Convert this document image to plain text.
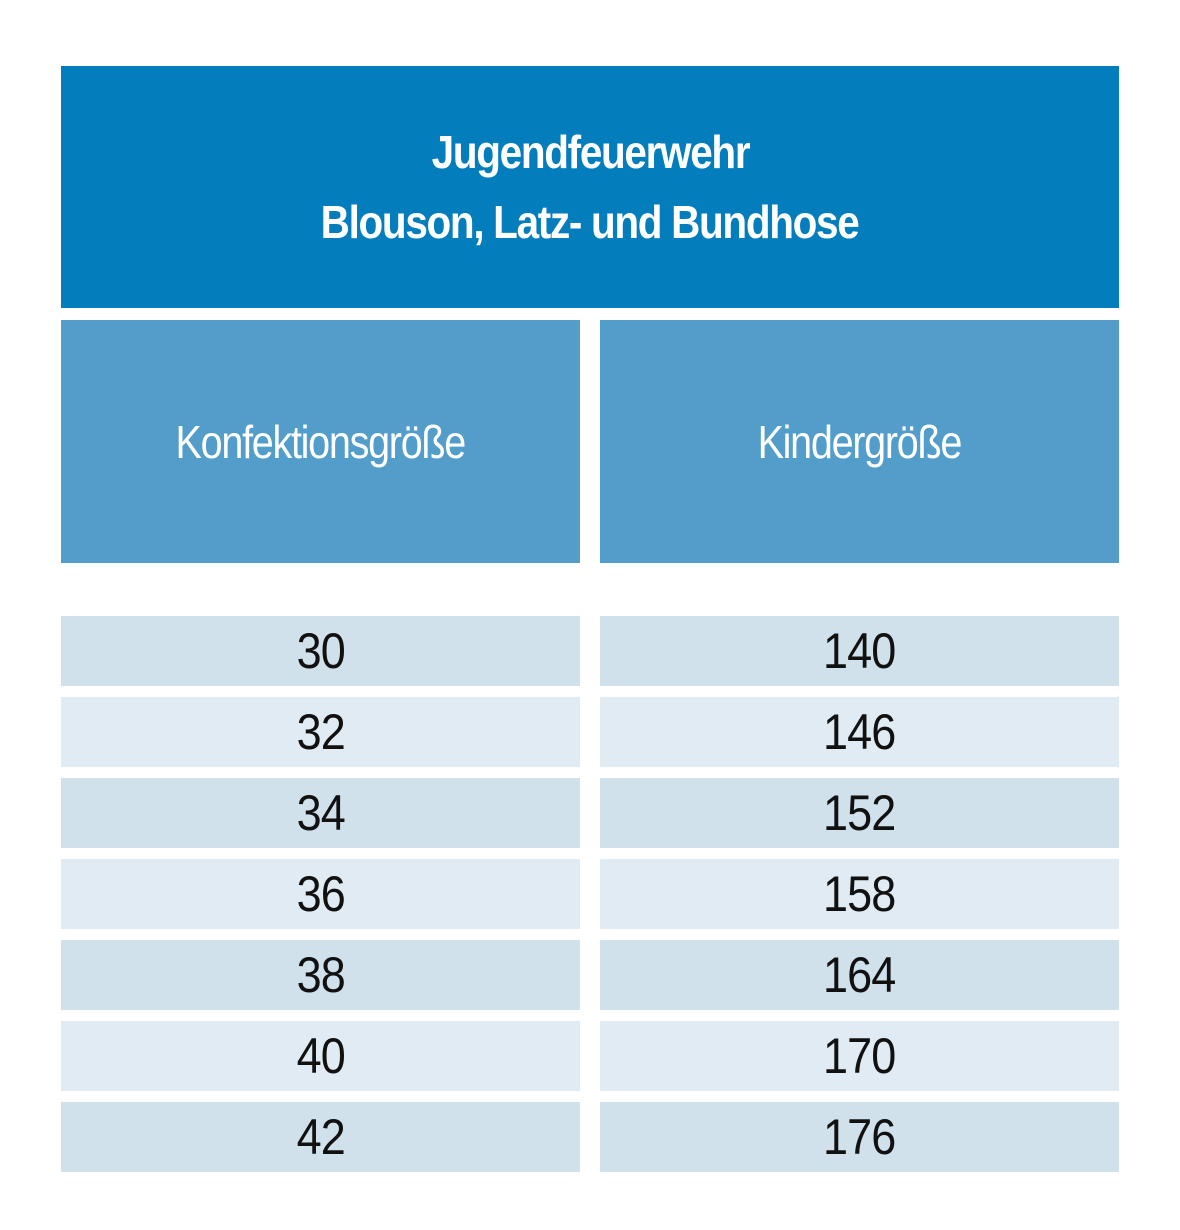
Jugendfeuerwehr
Blouson, Latz- und Bundhose
Konfektionsgröße	Kindergröße
30	140
32	146
34	152
36	158
38	164
40	170
42	176
